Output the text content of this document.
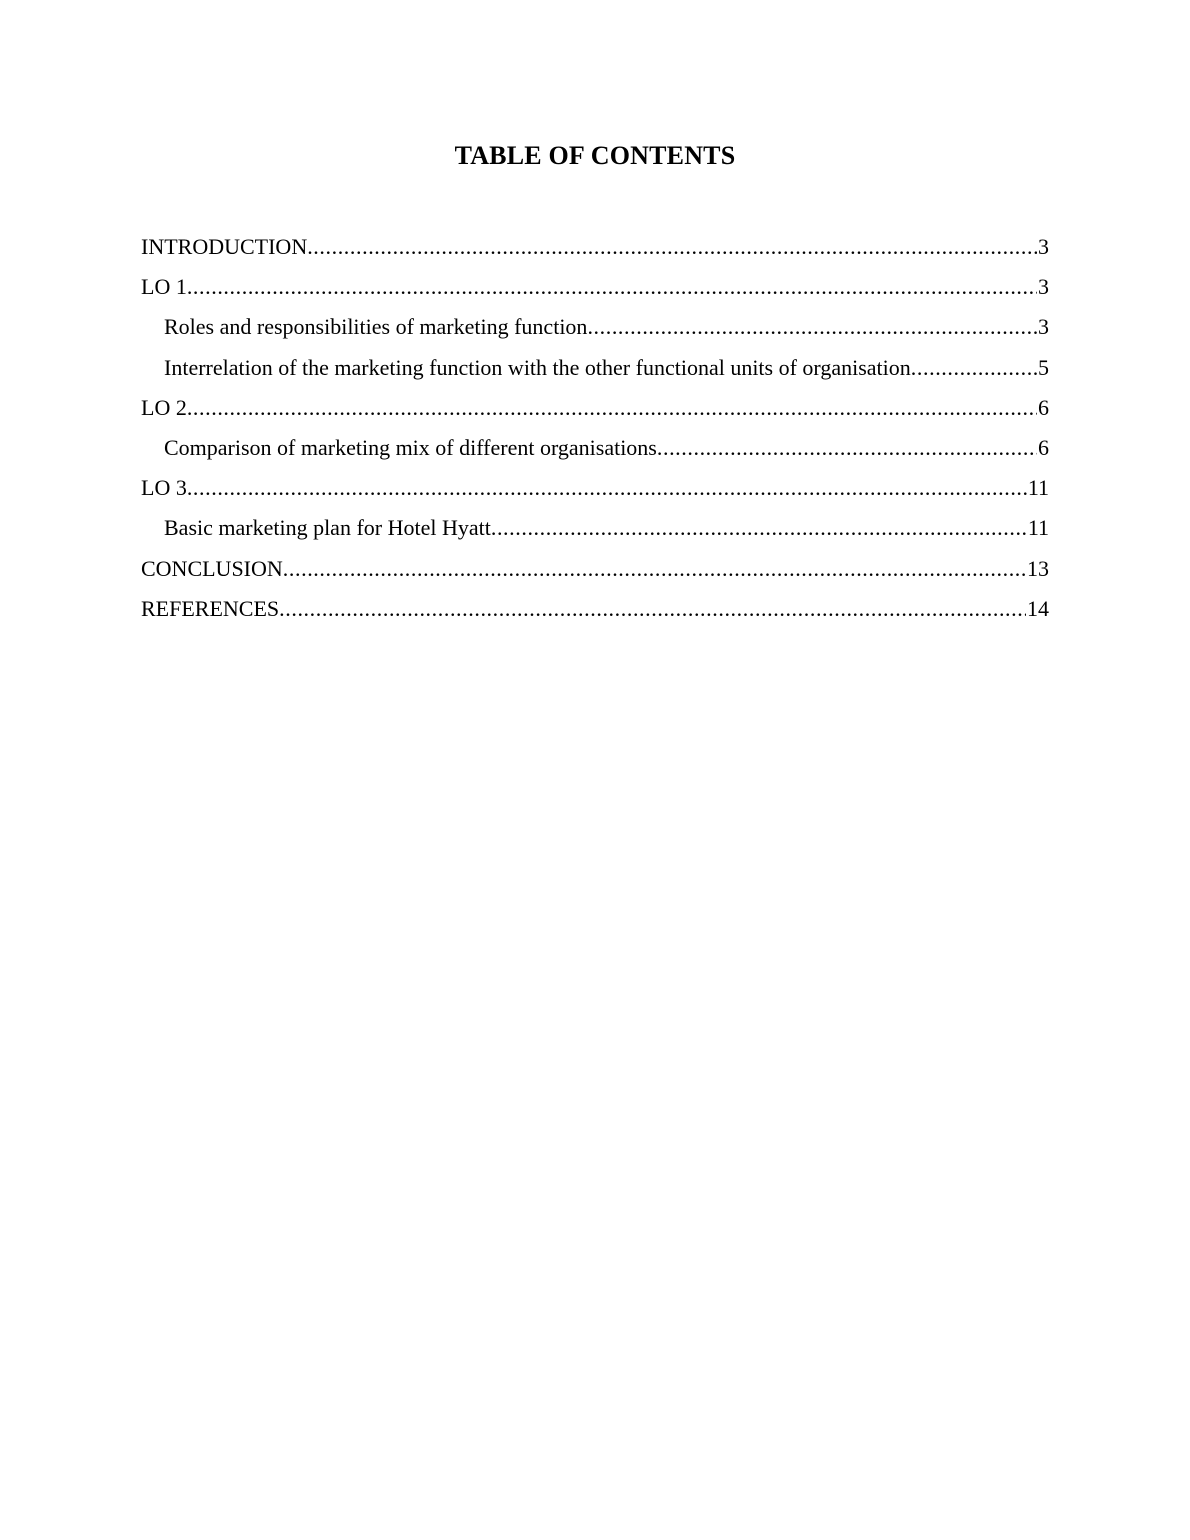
TABLE OF CONTENTS
INTRODUCTION .....	3
LO 1 .....	3
Roles and responsibilities of marketing function .....	3
Interrelation of the marketing function with the other functional units of organisation .....	5
LO 2 .....	6
Comparison of marketing mix of different organisations .....	6
LO 3 .....	11
Basic marketing plan for Hotel Hyatt .....	11
CONCLUSION .....	13
REFERENCES .....	14
